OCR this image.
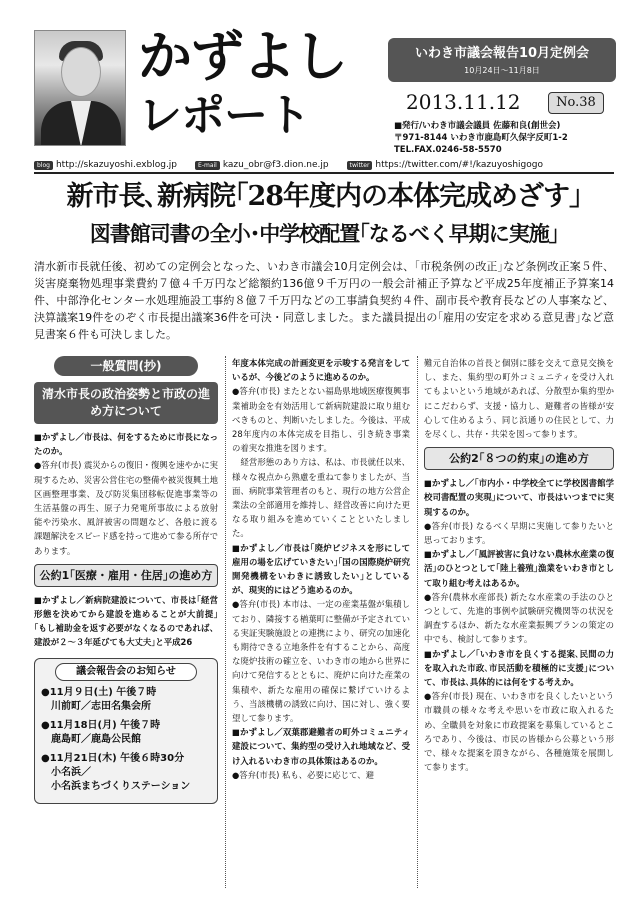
かずよし
レポート
いわき市議会報告10月定例会
10月24日～11月8日
2013.11.12	No.38
■発行/いわき市議会議員 佐藤和良(創世会)
〒971-8144 いわき市鹿島町久保字反町1-2
TEL.FAX.0246-58-5570
blog http://skazuyoshi.exblog.jp	E-mail kazu_obr@f3.dion.ne.jp	twitter https://twitter.com/#!/kazuyoshigogo
新市長､新病院｢28年度内の本体完成めざす｣
図書館司書の全小･中学校配置｢なるべく早期に実施｣
清水新市長就任後、初めての定例会となった、いわき市議会10月定例会は、｢市税条例の改正｣など条例改正案５件、災害廃棄物処理事業費約７億４千万円など総額約136億９千万円の一般会計補正予算など平成25年度補正予算案14件、中部浄化センター水処理施設工事約８億７千万円などの工事請負契約４件、副市長や教育長などの人事案など、決算議案19件をのぞく市長提出議案36件を可決・同意しました。また議員提出の｢雇用の安定を求める意見書｣など意見書案６件も可決しました。
一般質問(抄)
清水市長の政治姿勢と市政の進め方について

■かずよし／市長は、何をするために市長になったのか。

●答弁(市長) 震災からの復旧・復興を速やかに実現するため、災害公営住宅の整備や被災復興土地区画整理事業、及び防災集団移転促進事業等の生活基盤の再生、原子力発電所事故による放射能や汚染水、風評被害の問題など、各般に渡る課題解決をスピード感を持って進めて参る所存であります。

公約1｢医療・雇用・住居｣の進め方

■かずよし／新病院建設について、市長は｢経営形態を決めてから建設を進めることが大前提｣｢もし補助金を返す必要がなくなるのであれば、建設が２～３年延びても大丈夫｣と平成26

議会報告会のお知らせ
●11月９日(土) 午後７時
川前町／志田名集会所
●11月18日(月) 午後７時
鹿島町／鹿島公民館
●11月21日(木) 午後６時30分
小名浜／
小名浜まちづくりステーション

年度本体完成の計画変更を示唆する発言をしているが、今後どのように進めるのか。

●答弁(市長) またとない福島県地域医療復興事業補助金を有効活用して新病院建設に取り組むべきものと、判断いたしました。今後は、平成28年度内の本体完成を目指し、引き続き事業の着実な推進を図ります。

経営形態のあり方は、私は、市長就任以来、様々な視点から熟慮を重ねて参りましたが、当面、病院事業管理者のもと、現行の地方公営企業法の全部適用を維持し、経営改善に向けた更なる取り組みを進めていくことといたしました。

■かずよし／市長は｢廃炉ビジネスを形にして雇用の場を広げていきたい｣｢国の国際廃炉研究開発機構をいわきに誘致したい｣としているが、現実的にはどう進めるのか。

●答弁(市長) 本市は、一定の産業基盤が集積しており、隣接する楢葉町に整備が予定されている実証実験施設との連携により、研究の加速化も期待できる立地条件を有することから、高度な廃炉技術の確立を、いわき市の地から世界に向けて発信するとともに、廃炉に向けた産業の集積や、新たな雇用の確保に繋げていけるよう、当該機構の誘致に向け、国に対し、強く要望して参ります。

■かずよし／双葉郡避難者の町外コミュニティ建設について、集約型の受け入れ地域など、受け入れるいわき市の具体策はあるのか。

●答弁(市長) 私も、必要に応じて、避

難元自治体の首長と個別に膝を交えて意見交換をし、また、集約型の町外コミュニティを受け入れてもよいという地域があれば、分散型か集約型かにこだわらず、支援・協力し、避難者の皆様が安心して住めるよう、同じ浜通りの住民として、力を尽くし、共存・共栄を図って参ります。

公約2｢８つの約束｣の進め方

■かずよし／｢市内小・中学校全てに学校図書館学校司書配置の実現｣について、市長はいつまでに実現するのか。

●答弁(市長) なるべく早期に実施して参りたいと思っております。

■かずよし／｢風評被害に負けない農林水産業の復活｣のひとつとして｢陸上養殖｣漁業をいわき市として取り組む考えはあるか。

●答弁(農林水産部長) 新たな水産業の手法のひとつとして、先進的事例や試験研究機関等の状況を調査するほか、新たな水産業振興プランの策定の中でも、検討して参ります。

■かずよし／｢いわき市を良くする提案､民間の力を取入れた市政､市民活動を積極的に支援｣について、市長は､具体的には何をする考えか。

●答弁(市長) 現在、いわき市を良くしたいという市職員の様々な考えや思いを市政に取入れるため、全職員を対象に市政提案を募集しているところであり、今後は、市民の皆様から公募という形で、様々な提案を頂きながら、各種施策を展開して参ります。
